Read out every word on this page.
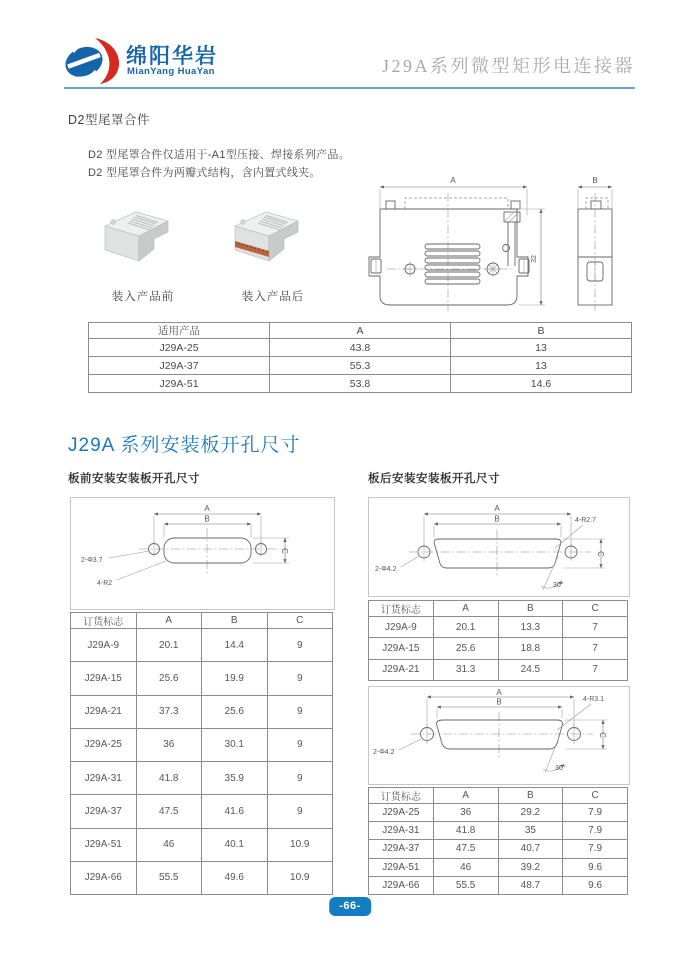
绵阳华岩
MianYang HuaYan	J29A系列微型矩形电连接器
D2型尾罩合件
D2 型尾罩合件仅适用于-A1型压接、焊接系列产品。
D2 型尾罩合件为两瓣式结构，含内置式线夹。
装入产品前	装入产品后
A
32
B
适用产品	A	B
J29A-25	43.8	13
J29A-37	55.3	13
J29A-51	53.8	14.6
J29A 系列安装板开孔尺寸
板前安装安装板开孔尺寸	板后安装安装板开孔尺寸
A
B
C
2-Φ3.7
4-R2
订货标志	A	B	C
J29A-9	20.1	14.4	9
J29A-15	25.6	19.9	9
J29A-21	37.3	25.6	9
J29A-25	36	30.1	9
J29A-31	41.8	35.9	9
J29A-37	47.5	41.6	9
J29A-51	46	40.1	10.9
J29A-66	55.5	49.6	10.9
A
B
C
4-R2.7
2-Φ4.2
30°
订货标志	A	B	C
J29A-9	20.1	13.3	7
J29A-15	25.6	18.8	7
J29A-21	31.3	24.5	7
A
B
C
4-R3.1
2-Φ4.2
30°
订货标志	A	B	C
J29A-25	36	29.2	7.9
J29A-31	41.8	35	7.9
J29A-37	47.5	40.7	7.9
J29A-51	46	39.2	9.6
J29A-66	55.5	48.7	9.6
-66-
